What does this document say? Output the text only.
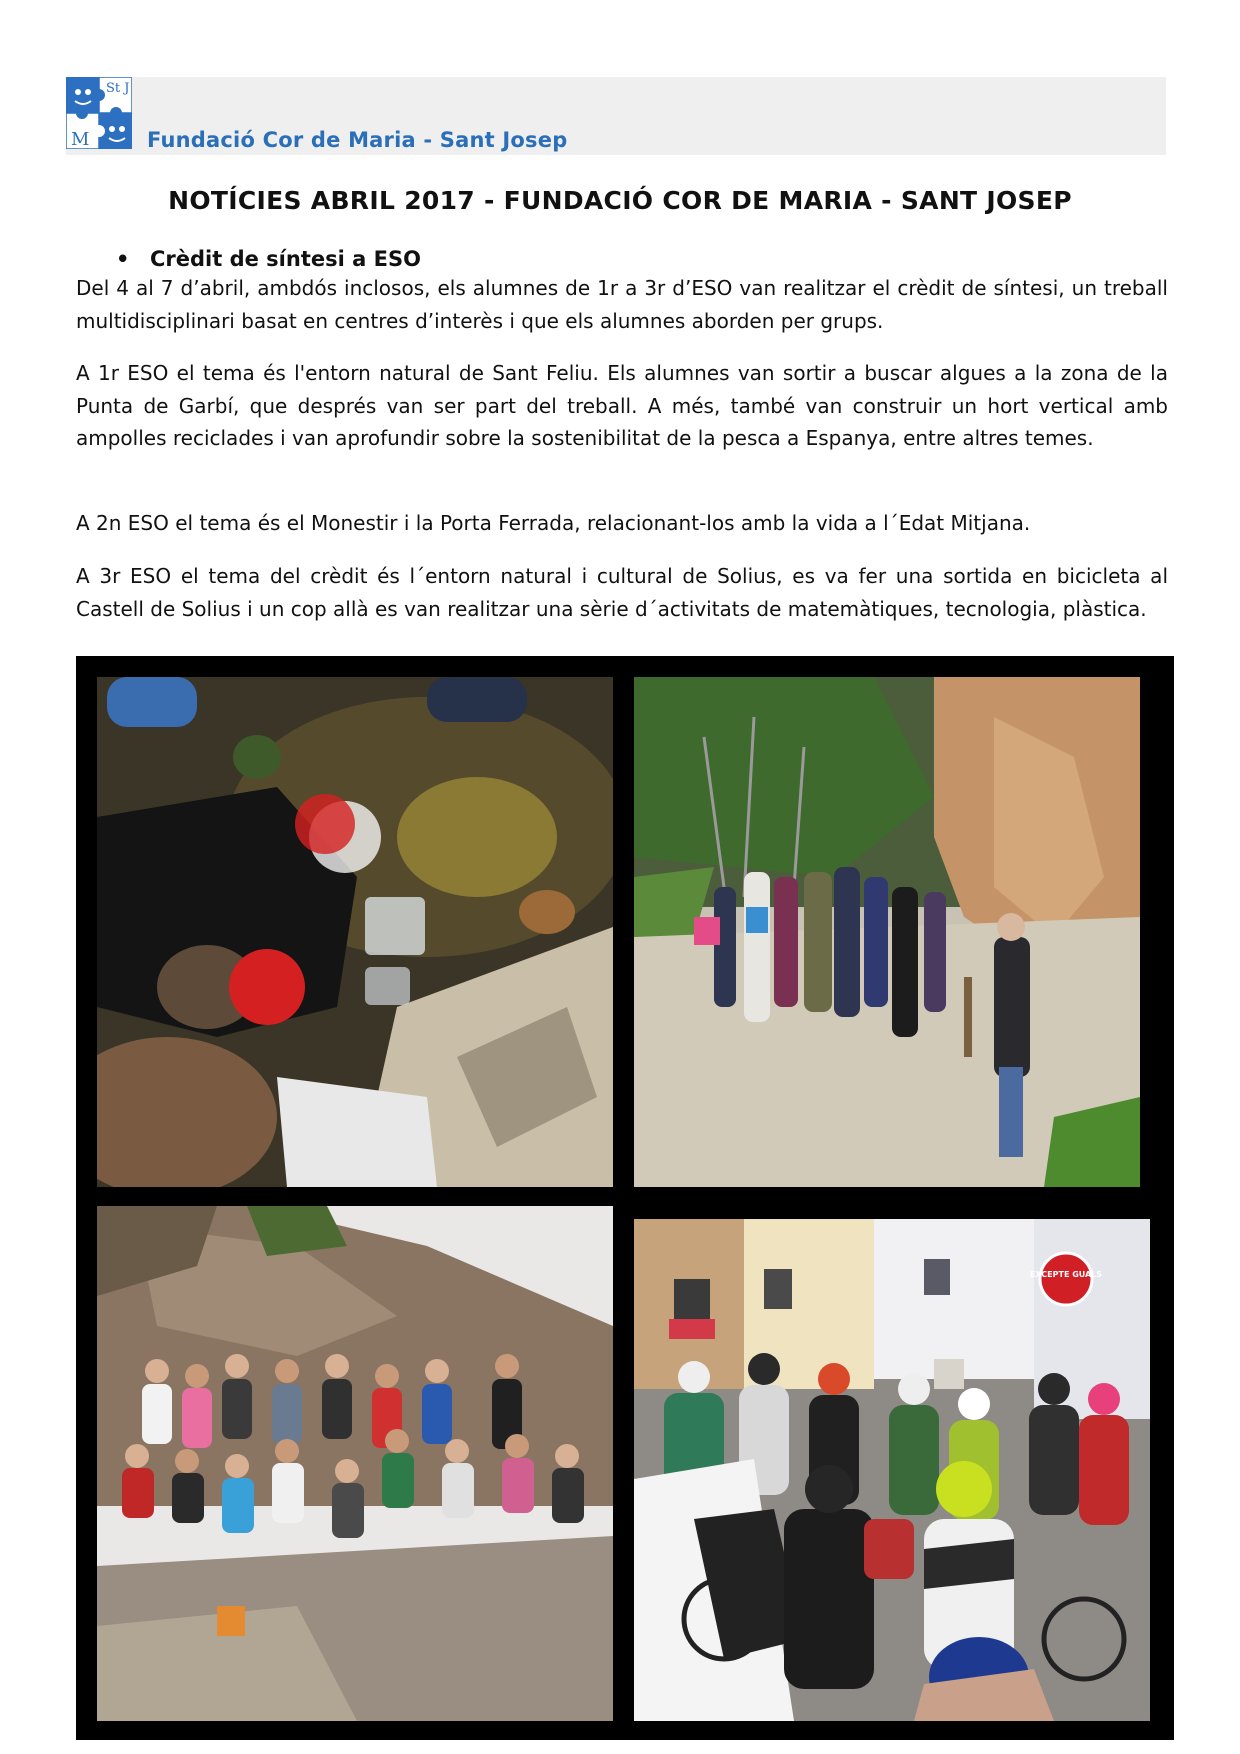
St J
M	Fundació Cor de Maria - Sant Josep
NOTÍCIES ABRIL 2017 - FUNDACIÓ COR DE MARIA - SANT JOSEP
• Crèdit de síntesi a ESO

Del 4 al 7 d’abril, ambdós inclosos, els alumnes de 1r a 3r d’ESO van realitzar el crèdit de síntesi, un treball multidisciplinari basat en centres d’interès i que els alumnes aborden per grups.

A 1r ESO el tema és l'entorn natural de Sant Feliu. Els alumnes van sortir a buscar algues a la zona de la Punta de Garbí, que després van ser part del treball. A més, també van construir un hort vertical amb ampolles reciclades i van aprofundir sobre la sostenibilitat de la pesca a Espanya, entre altres temes.

A 2n ESO el tema és el Monestir i la Porta Ferrada, relacionant-los amb la vida a l´Edat Mitjana.

A 3r ESO el tema del crèdit és l´entorn natural i cultural de Solius, es va fer una sortida en bicicleta al Castell de Solius i un cop allà es van realitzar una sèrie d´activitats de matemàtiques, tecnologia, plàstica.

EXCEPTE GUALS
